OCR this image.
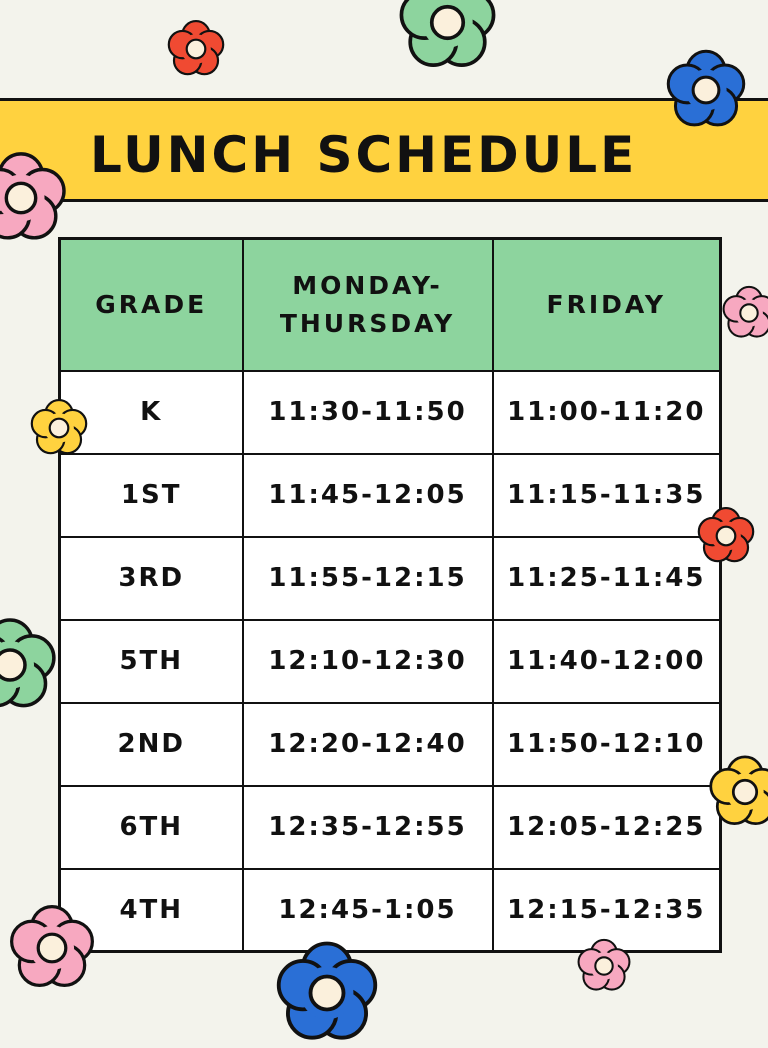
LUNCH SCHEDULE
GRADE	MONDAY-THURSDAY	FRIDAY
K	11:30-11:50	11:00-11:20
1ST	11:45-12:05	11:15-11:35
3RD	11:55-12:15	11:25-11:45
5TH	12:10-12:30	11:40-12:00
2ND	12:20-12:40	11:50-12:10
6TH	12:35-12:55	12:05-12:25
4TH	12:45-1:05	12:15-12:35
